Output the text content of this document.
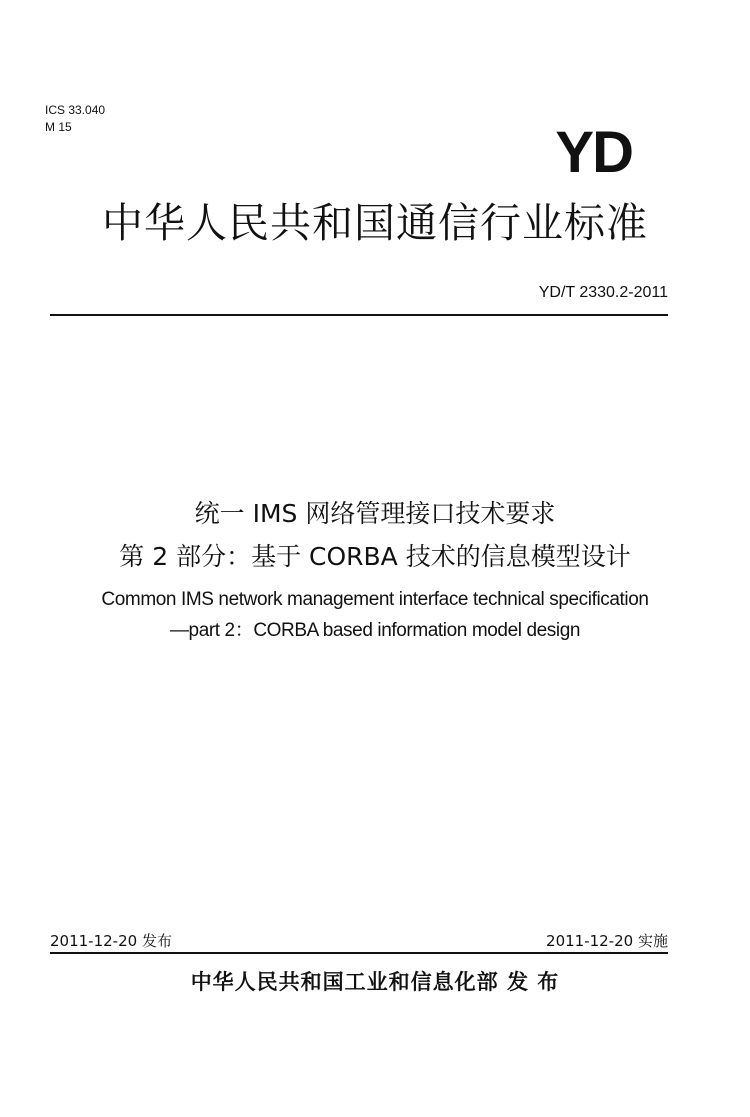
ICS 33.040
M 15	YD
中华人民共和国通信行业标准
YD/T 2330.2-2011
统一 IMS 网络管理接口技术要求
第 2 部分：基于 CORBA 技术的信息模型设计
Common IMS network management interface technical specification
—part 2：CORBA based information model design
2011-12-20 发布	2011-12-20 实施
中华人民共和国工业和信息化部 发 布
